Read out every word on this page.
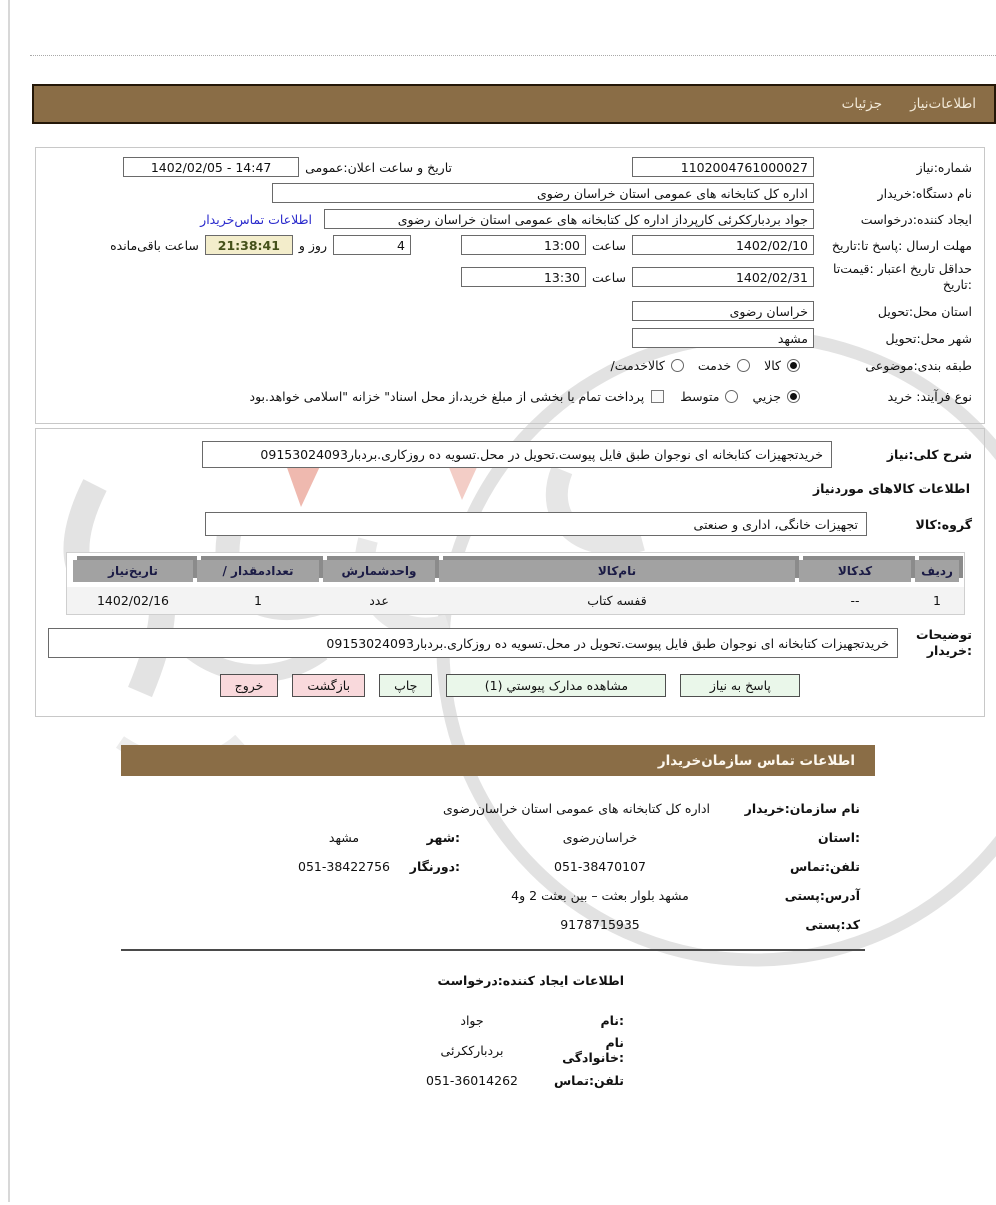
اطلاعات‌نیاز
جزئیات
شماره:نیاز
1102004761000027
تاریخ و ساعت اعلان:عمومی
1402/02/05 - 14:47
نام دستگاه:خریدار
اداره کل کتابخانه های عمومی استان خراسان رضوی
ایجاد کننده:درخواست
جواد بردبارککرئی کارپرداز اداره کل کتابخانه های عمومی استان خراسان رضوی
اطلاعات تماس‌خریدار
مهلت ارسال :پاسخ تا:تاریخ
1402/02/10
ساعت
13:00
4
روز و
21:38:41
ساعت باقی‌مانده
حداقل تاریخ اعتبار :قیمت‌تا
:تاریخ
1402/02/31
ساعت
13:30
استان محل:تحویل
خراسان رضوی
شهر محل:تحویل
مشهد
طبقه بندی:موضوعی
کالا
خدمت
کالاخدمت/
نوع فرآیند: خرید
جزیي
متوسط
پرداخت تمام یا بخشی از مبلغ خرید،از محل اسناد" خزانه "اسلامی خواهد.بود
شرح کلی:نیاز
خریدتجهیزات کتابخانه ای نوجوان طبق فایل پیوست.تحویل در محل.تسویه ده روزکاری.بردبار09153024093
اطلاعات کالاهای موردنیاز
گروه:کالا
تجهیزات خانگی، اداری و صنعتی
ردیف
کدکالا
نام‌کالا
واحدشمارش
تعدادمقدار /
تاریخ‌نیاز
1
--
قفسه کتاب
عدد
1
1402/02/16
توضیحات
:خریدار
خریدتجهیزات کتابخانه ای نوجوان طبق فایل پیوست.تحویل در محل.تسویه ده روزکاری.بردبار09153024093
پاسخ به نیاز
مشاهده مدارک پیوستي (1)
چاپ
بازگشت
خروج
اطلاعات تماس سازمان‌خریدار
نام سازمان:خریدار
اداره کل کتابخانه های عمومی استان خراسان‌رضوی
:استان
خراسان‌رضوی
:شهر
مشهد
تلفن:تماس
051-38470107
:دورنگار
051-38422756
آدرس:پستی
مشهد بلوار بعثت – بین بعثت 2 و4
کد:پستی
9178715935
اطلاعات ایجاد کننده:درخواست
:نام
جواد
نام :خانوادگی
بردبارککرئی
تلفن:تماس
051-36014262
